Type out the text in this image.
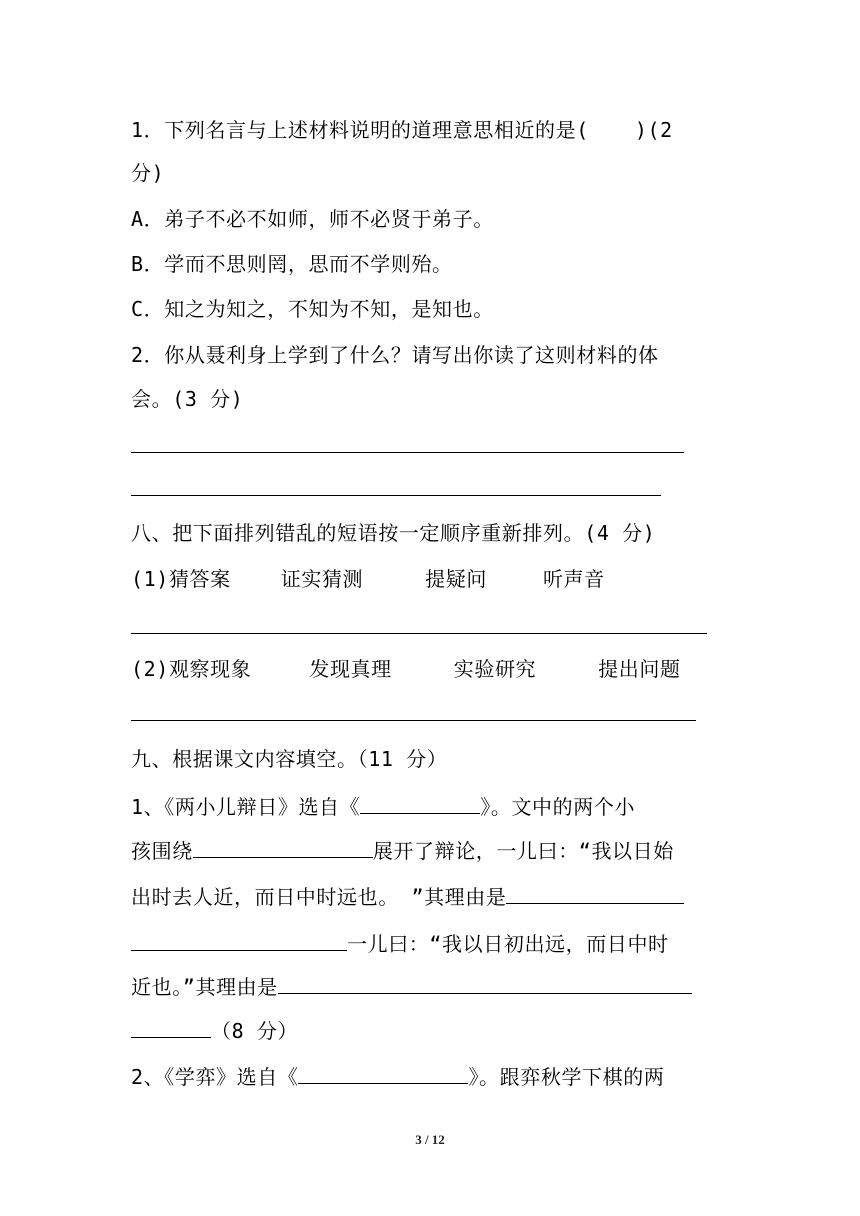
1．下列名言与上述材料说明的道理意思相近的是( )(2
分)
A．弟子不必不如师，师不必贤于弟子。
B．学而不思则罔，思而不学则殆。
C．知之为知之，不知为不知，是知也。
2．你从聂利身上学到了什么？请写出你读了这则材料的体
会。(3 分)
八、把下面排列错乱的短语按一定顺序重新排列。(4 分)
(1)猜答案	证实猜测	提疑问	听声音
(2)观察现象	发现真理	实验研究	提出问题
九、根据课文内容填空。（11 分）
1、《两小儿辩日》选自《	》。文中的两个小
孩围绕	展开了辩论，一儿曰：“我以日始
出时去人近，而日中时远也。 ”其理由是
一儿曰：“我以日初出远，而日中时
近也。”其理由是
（8 分）
2、《学弈》选自《	》。跟弈秋学下棋的两
3 / 12
